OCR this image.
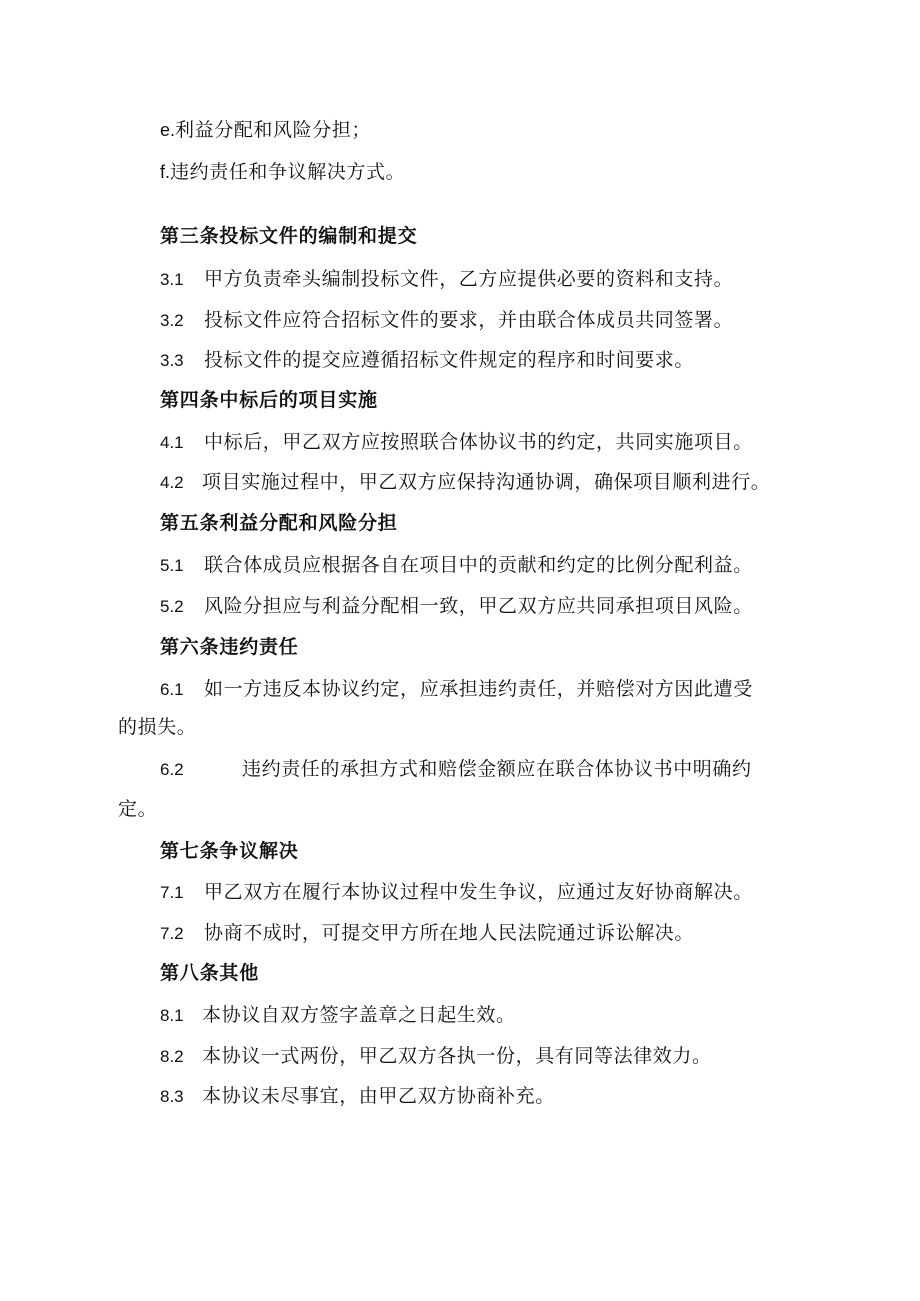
e.利益分配和风险分担；
f.违约责任和争议解决方式。
第三条投标文件的编制和提交
3.1 甲方负责牵头编制投标文件，乙方应提供必要的资料和支持。
3.2 投标文件应符合招标文件的要求，并由联合体成员共同签署。
3.3 投标文件的提交应遵循招标文件规定的程序和时间要求。
第四条中标后的项目实施
4.1 中标后，甲乙双方应按照联合体协议书的约定，共同实施项目。
4.2 项目实施过程中，甲乙双方应保持沟通协调，确保项目顺利进行。
第五条利益分配和风险分担
5.1 联合体成员应根据各自在项目中的贡献和约定的比例分配利益。
5.2 风险分担应与利益分配相一致，甲乙双方应共同承担项目风险。
第六条违约责任
6.1 如一方违反本协议约定，应承担违约责任，并赔偿对方因此遭受
的损失。
6.2	违约责任的承担方式和赔偿金额应在联合体协议书中明确约
定。
第七条争议解决
7.1 甲乙双方在履行本协议过程中发生争议，应通过友好协商解决。
7.2 协商不成时，可提交甲方所在地人民法院通过诉讼解决。
第八条其他
8.1 本协议自双方签字盖章之日起生效。
8.2 本协议一式两份，甲乙双方各执一份，具有同等法律效力。
8.3 本协议未尽事宜，由甲乙双方协商补充。
